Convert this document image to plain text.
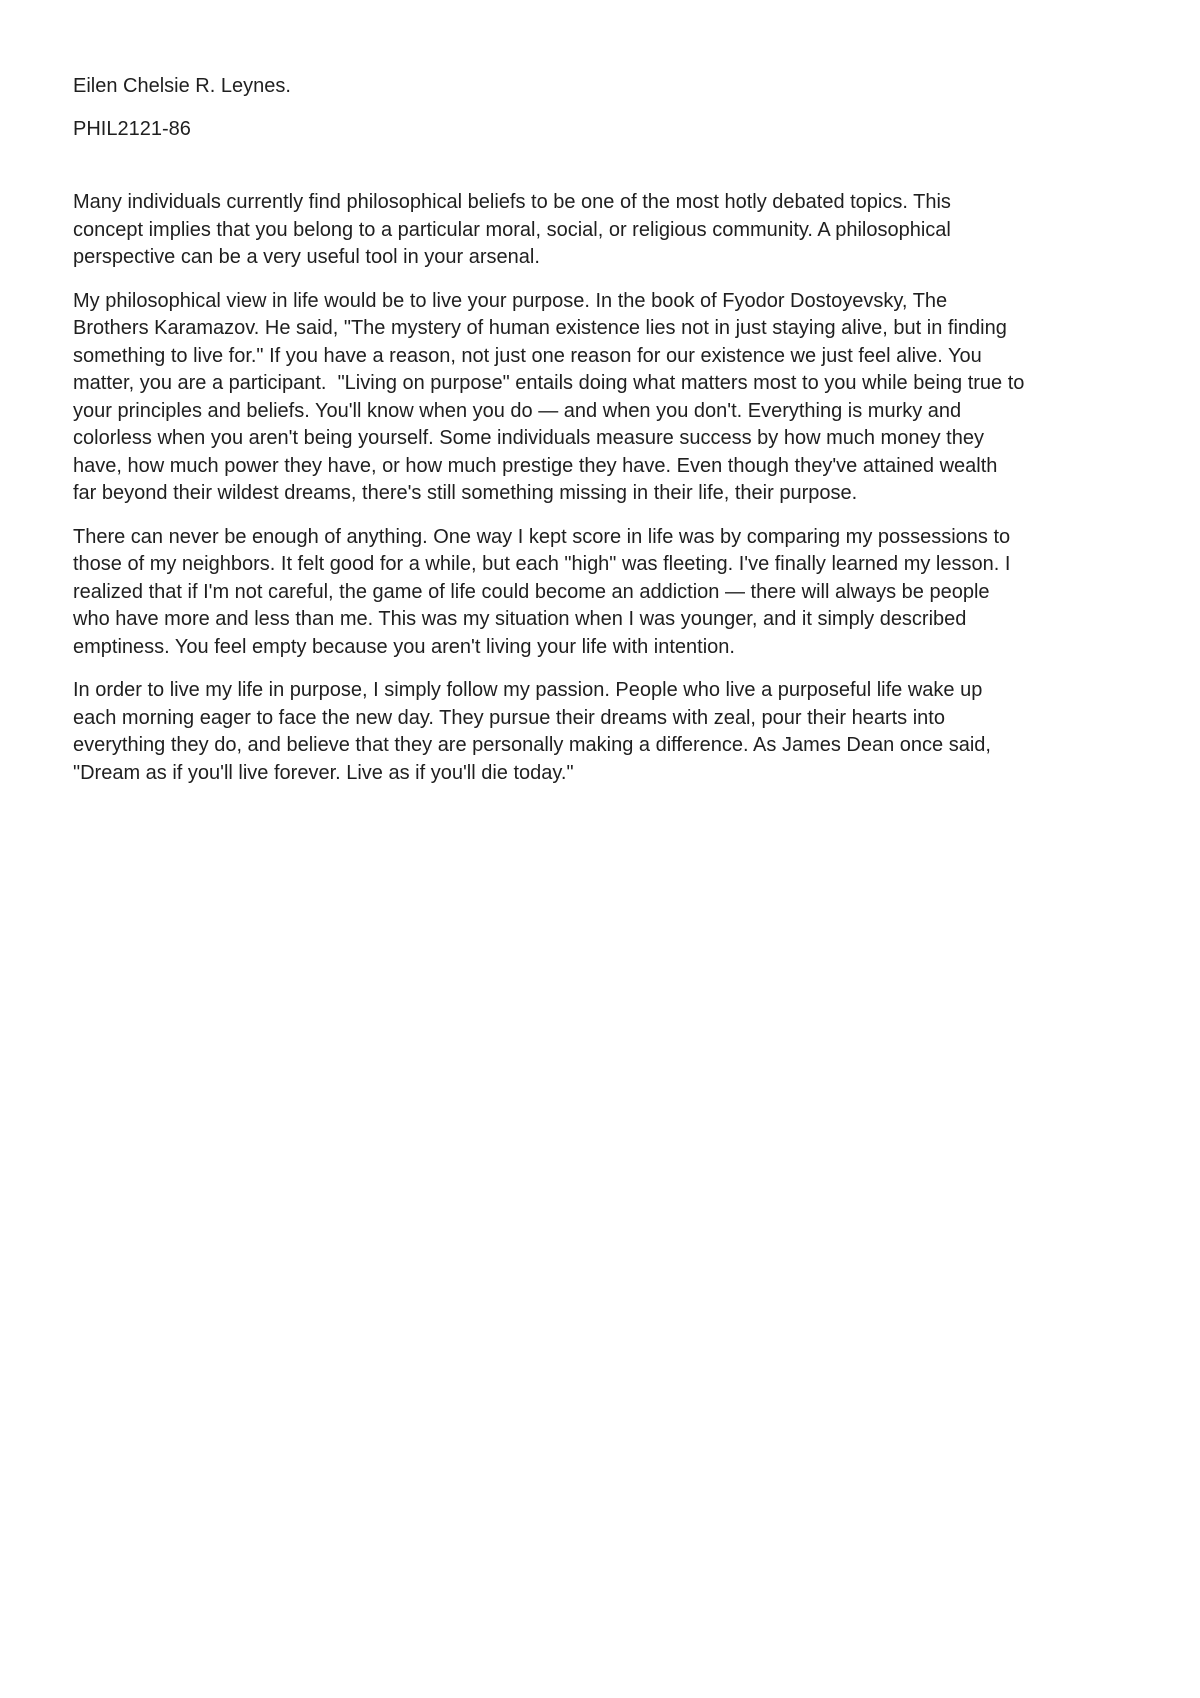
Eilen Chelsie R. Leynes.

PHIL2121-86

Many individuals currently find philosophical beliefs to be one of the most hotly debated topics. This
concept implies that you belong to a particular moral, social, or religious community. A philosophical
perspective can be a very useful tool in your arsenal.

My philosophical view in life would be to live your purpose. In the book of Fyodor Dostoyevsky, The
Brothers Karamazov. He said, "The mystery of human existence lies not in just staying alive, but in finding
something to live for." If you have a reason, not just one reason for our existence we just feel alive. You
matter, you are a participant.  "Living on purpose" entails doing what matters most to you while being true to
your principles and beliefs. You'll know when you do — and when you don't. Everything is murky and
colorless when you aren't being yourself. Some individuals measure success by how much money they
have, how much power they have, or how much prestige they have. Even though they've attained wealth
far beyond their wildest dreams, there's still something missing in their life, their purpose.

There can never be enough of anything. One way I kept score in life was by comparing my possessions to
those of my neighbors. It felt good for a while, but each "high" was fleeting. I've finally learned my lesson. I
realized that if I'm not careful, the game of life could become an addiction — there will always be people
who have more and less than me. This was my situation when I was younger, and it simply described
emptiness. You feel empty because you aren't living your life with intention.

In order to live my life in purpose, I simply follow my passion. People who live a purposeful life wake up
each morning eager to face the new day. They pursue their dreams with zeal, pour their hearts into
everything they do, and believe that they are personally making a difference. As James Dean once said,
"Dream as if you'll live forever. Live as if you'll die today."
